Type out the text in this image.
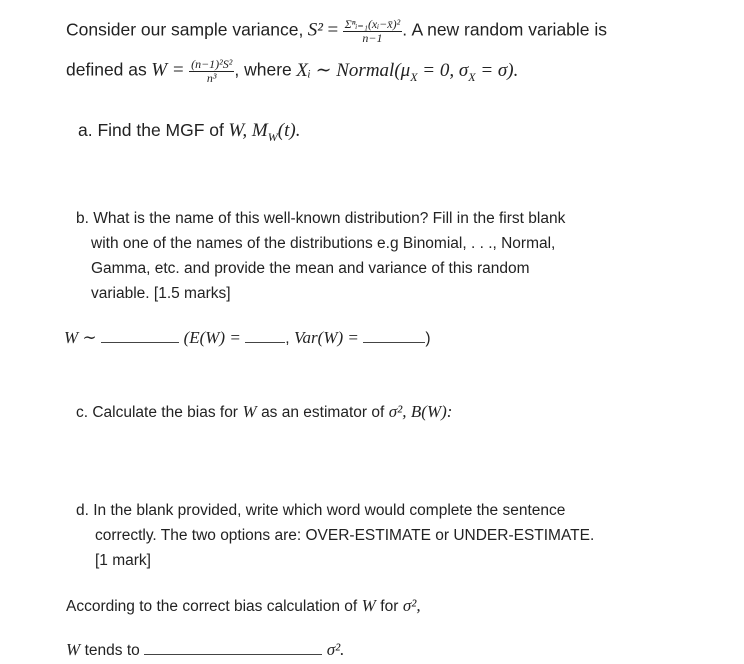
Consider our sample variance, $S^2 = \frac{\text{Σⁿᵢ₌₁(xᵢ−x̄)²}}{n-1}$ . A new random variable is
defined as $W = \frac{\text{(n−1)²S²}}{\text{n³}}$ , where Xᵢ ∼ $Normal(\mu_X = 0$, $\sigma_X = \sigma$).
a. Find the MGF of W, $M_W(t)$.
b. What is the name of this well-known distribution? Fill in the first blank
with one of the names of the distributions e.g Binomial, . . ., Normal,
Gamma, etc. and provide the mean and variance of this random
variable. [1.5 marks]
W ∼	(E(W) =	, Var(W) =	)
c. Calculate the bias for W as an estimator of σ², B(W):
d. In the blank provided, write which word would complete the sentence
correctly. The two options are: OVER-ESTIMATE or UNDER-ESTIMATE.
[1 mark]
According to the correct bias calculation of W for σ²,
W tends to	σ².
